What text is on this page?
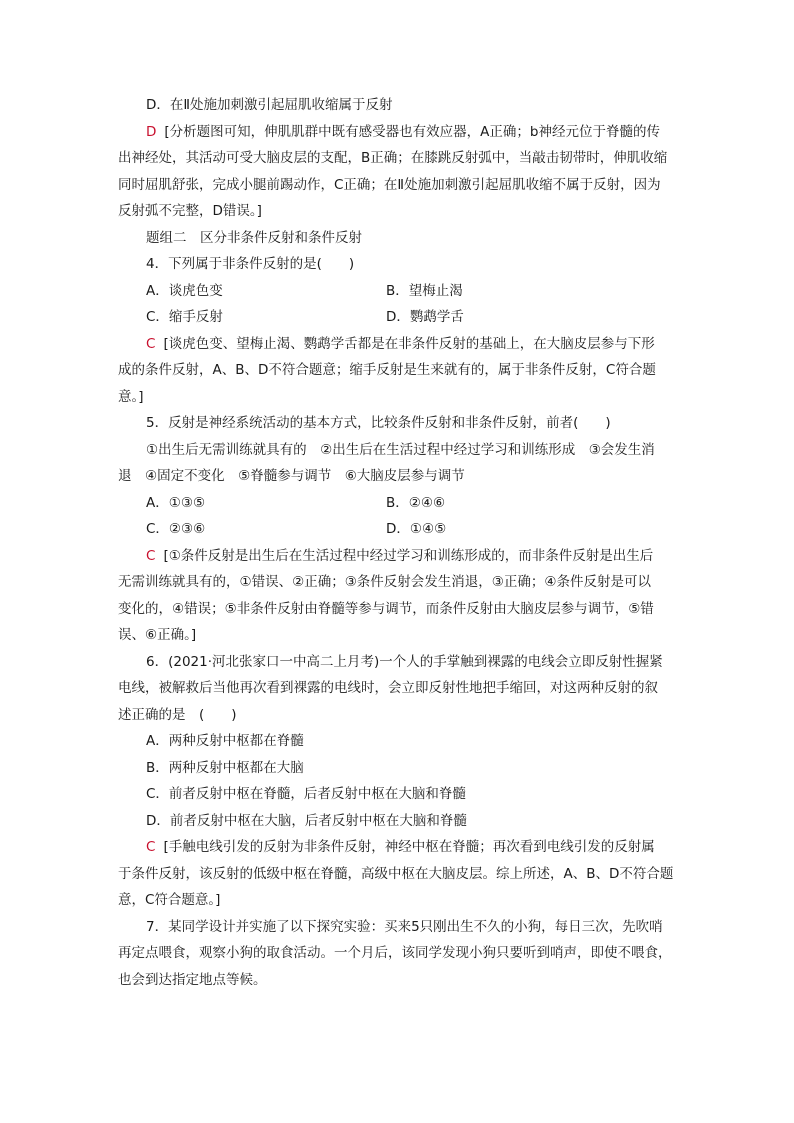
D．在Ⅱ处施加刺激引起屈肌收缩属于反射
D [分析题图可知，伸肌肌群中既有感受器也有效应器，A正确；b神经元位于脊髓的传
出神经处，其活动可受大脑皮层的支配，B正确；在膝跳反射弧中，当敲击韧带时，伸肌收缩
同时屈肌舒张，完成小腿前踢动作，C正确；在Ⅱ处施加刺激引起屈肌收缩不属于反射，因为
反射弧不完整，D错误。]
题组二　区分非条件反射和条件反射
4．下列属于非条件反射的是(　　)
A．谈虎色变	B．望梅止渴
C．缩手反射	D．鹦鹉学舌
C [谈虎色变、望梅止渴、鹦鹉学舌都是在非条件反射的基础上，在大脑皮层参与下形
成的条件反射，A、B、D不符合题意；缩手反射是生来就有的，属于非条件反射，C符合题
意。]
5．反射是神经系统活动的基本方式，比较条件反射和非条件反射，前者(　　)
①出生后无需训练就具有的　②出生后在生活过程中经过学习和训练形成　③会发生消
退　④固定不变化　⑤脊髓参与调节　⑥大脑皮层参与调节
A．①③⑤	B．②④⑥
C．②③⑥	D．①④⑤
C [①条件反射是出生后在生活过程中经过学习和训练形成的，而非条件反射是出生后
无需训练就具有的，①错误、②正确；③条件反射会发生消退，③正确；④条件反射是可以
变化的，④错误；⑤非条件反射由脊髓等参与调节，而条件反射由大脑皮层参与调节，⑤错
误、⑥正确。]
6．(2021·河北张家口一中高二上月考)一个人的手掌触到裸露的电线会立即反射性握紧
电线，被解救后当他再次看到裸露的电线时，会立即反射性地把手缩回，对这两种反射的叙
述正确的是　(　　)
A．两种反射中枢都在脊髓
B．两种反射中枢都在大脑
C．前者反射中枢在脊髓，后者反射中枢在大脑和脊髓
D．前者反射中枢在大脑，后者反射中枢在大脑和脊髓
C [手触电线引发的反射为非条件反射，神经中枢在脊髓；再次看到电线引发的反射属
于条件反射，该反射的低级中枢在脊髓，高级中枢在大脑皮层。综上所述，A、B、D不符合题
意，C符合题意。]
7．某同学设计并实施了以下探究实验：买来5只刚出生不久的小狗，每日三次，先吹哨
再定点喂食，观察小狗的取食活动。一个月后，该同学发现小狗只要听到哨声，即使不喂食，
也会到达指定地点等候。
